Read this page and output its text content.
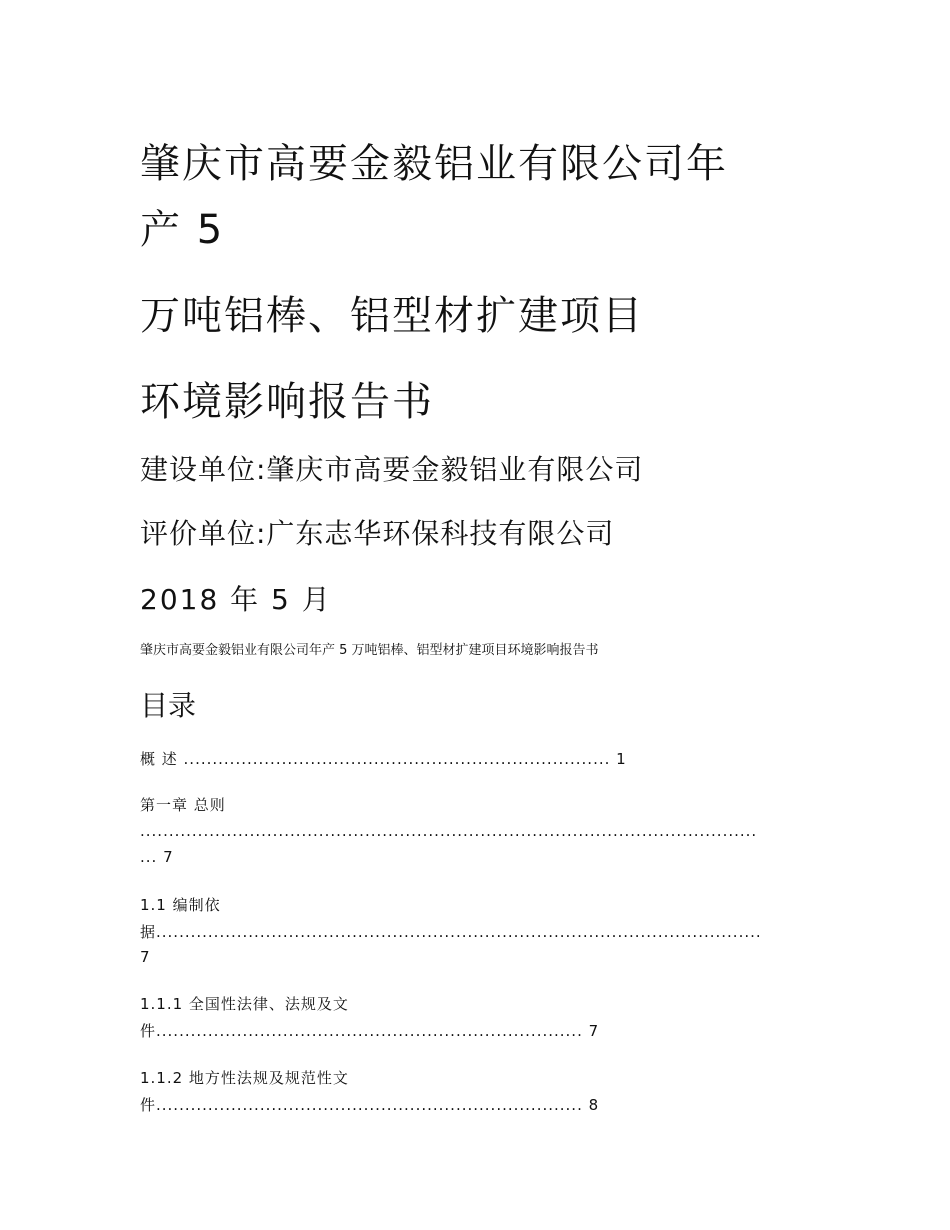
肇庆市高要金毅铝业有限公司年
产 5
万吨铝棒、铝型材扩建项目
环境影响报告书
建设单位:肇庆市高要金毅铝业有限公司
评价单位:广东志华环保科技有限公司
2018 年 5 月
肇庆市高要金毅铝业有限公司年产 5 万吨铝棒、铝型材扩建项目环境影响报告书
目录
概 述 .......................................................................... 1
第一章 总则
...........................................................................................................
... 7
1.1 编制依
据.........................................................................................................
7
1.1.1 全国性法律、法规及文
件.......................................................................... 7
1.1.2 地方性法规及规范性文
件.......................................................................... 8
